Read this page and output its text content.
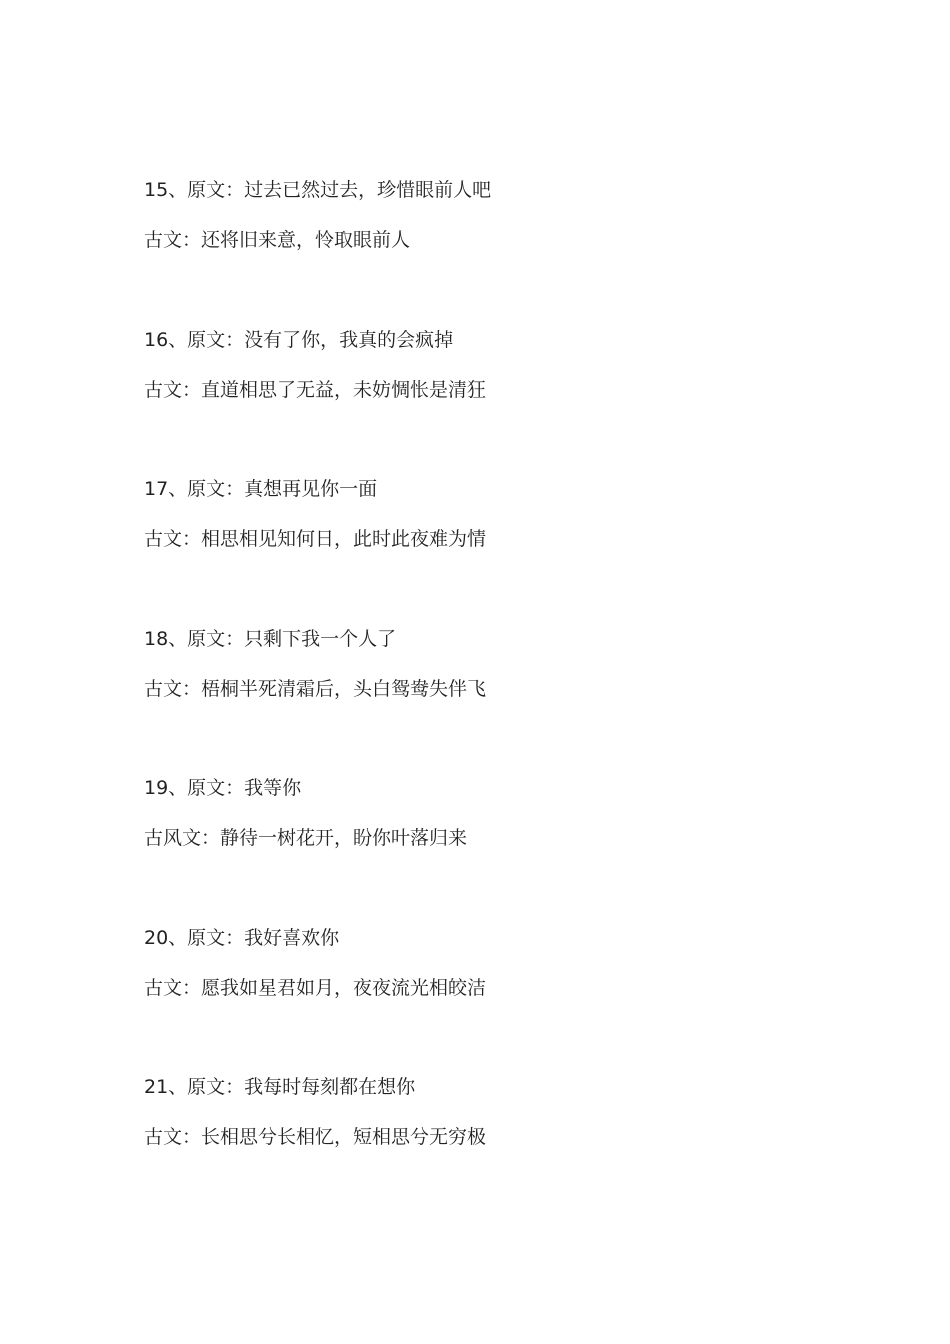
15、原文：过去已然过去，珍惜眼前人吧
古文：还将旧来意，怜取眼前人
16、原文：没有了你，我真的会疯掉
古文：直道相思了无益，未妨惆怅是清狂
17、原文：真想再见你一面
古文：相思相见知何日，此时此夜难为情
18、原文：只剩下我一个人了
古文：梧桐半死清霜后，头白鸳鸯失伴飞
19、原文：我等你
古风文：静待一树花开，盼你叶落归来
20、原文：我好喜欢你
古文：愿我如星君如月，夜夜流光相皎洁
21、原文：我每时每刻都在想你
古文：长相思兮长相忆，短相思兮无穷极
